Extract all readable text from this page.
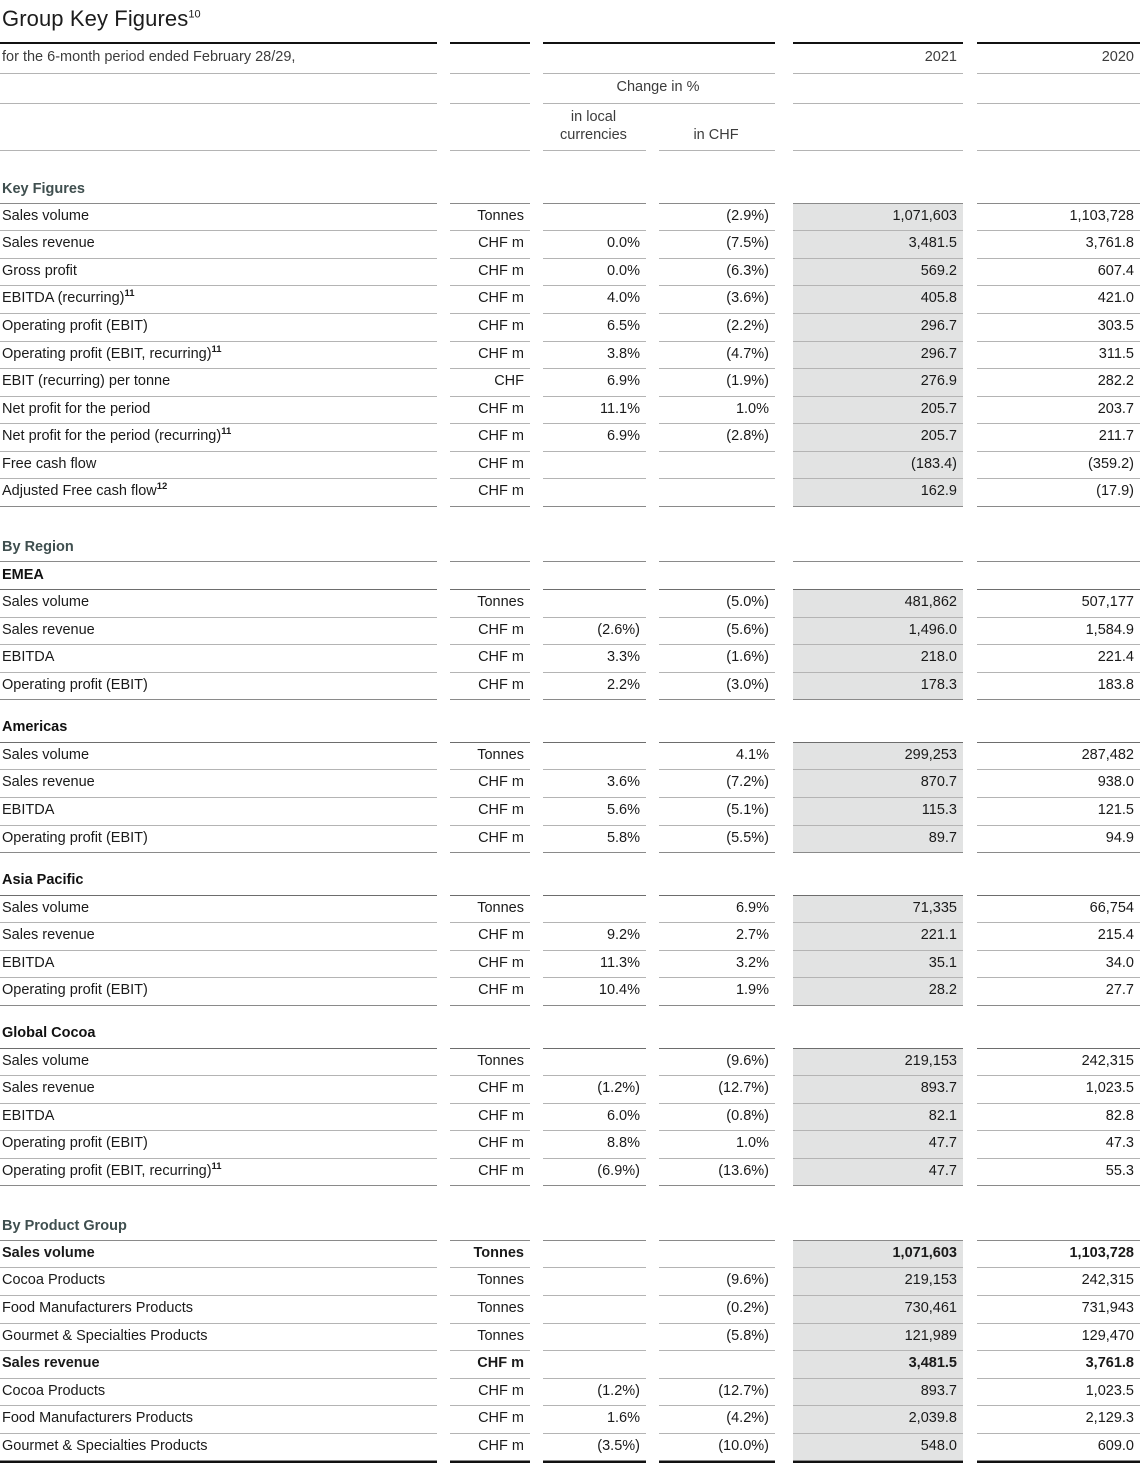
Group Key Figures$^{10}$

for the 6-month period ended February 28/29,								2021		2020

				Change in %						

				in local
currencies		in CHF				

Key Figures										

Sales volume		Tonnes				(2.9%)		1,071,603		1,103,728

Sales revenue		CHF m		0.0%		(7.5%)		3,481.5		3,761.8

Gross profit		CHF m		0.0%		(6.3%)		569.2		607.4

EBITDA (recurring)$^{11}$		CHF m		4.0%		(3.6%)		405.8		421.0

Operating profit (EBIT)		CHF m		6.5%		(2.2%)		296.7		303.5

Operating profit (EBIT, recurring)$^{11}$		CHF m		3.8%		(4.7%)		296.7		311.5

EBIT (recurring) per tonne		CHF		6.9%		(1.9%)		276.9		282.2

Net profit for the period		CHF m		11.1%		1.0%		205.7		203.7

Net profit for the period (recurring)$^{11}$		CHF m		6.9%		(2.8%)		205.7		211.7

Free cash flow		CHF m						(183.4)		(359.2)

Adjusted Free cash flow$^{12}$		CHF m						162.9		(17.9)

By Region										

EMEA										

Sales volume		Tonnes				(5.0%)		481,862		507,177

Sales revenue		CHF m		(2.6%)		(5.6%)		1,496.0		1,584.9

EBITDA		CHF m		3.3%		(1.6%)		218.0		221.4

Operating profit (EBIT)		CHF m		2.2%		(3.0%)		178.3		183.8

Americas										

Sales volume		Tonnes				4.1%		299,253		287,482

Sales revenue		CHF m		3.6%		(7.2%)		870.7		938.0

EBITDA		CHF m		5.6%		(5.1%)		115.3		121.5

Operating profit (EBIT)		CHF m		5.8%		(5.5%)		89.7		94.9

Asia Pacific										

Sales volume		Tonnes				6.9%		71,335		66,754

Sales revenue		CHF m		9.2%		2.7%		221.1		215.4

EBITDA		CHF m		11.3%		3.2%		35.1		34.0

Operating profit (EBIT)		CHF m		10.4%		1.9%		28.2		27.7

Global Cocoa										

Sales volume		Tonnes				(9.6%)		219,153		242,315

Sales revenue		CHF m		(1.2%)		(12.7%)		893.7		1,023.5

EBITDA		CHF m		6.0%		(0.8%)		82.1		82.8

Operating profit (EBIT)		CHF m		8.8%		1.0%		47.7		47.3

Operating profit (EBIT, recurring)$^{11}$		CHF m		(6.9%)		(13.6%)		47.7		55.3

By Product Group										

Sales volume		Tonnes						1,071,603		1,103,728

Cocoa Products		Tonnes				(9.6%)		219,153		242,315

Food Manufacturers Products		Tonnes				(0.2%)		730,461		731,943

Gourmet & Specialties Products		Tonnes				(5.8%)		121,989		129,470

Sales revenue		CHF m						3,481.5		3,761.8

Cocoa Products		CHF m		(1.2%)		(12.7%)		893.7		1,023.5

Food Manufacturers Products		CHF m		1.6%		(4.2%)		2,039.8		2,129.3

Gourmet & Specialties Products		CHF m		(3.5%)		(10.0%)		548.0		609.0
